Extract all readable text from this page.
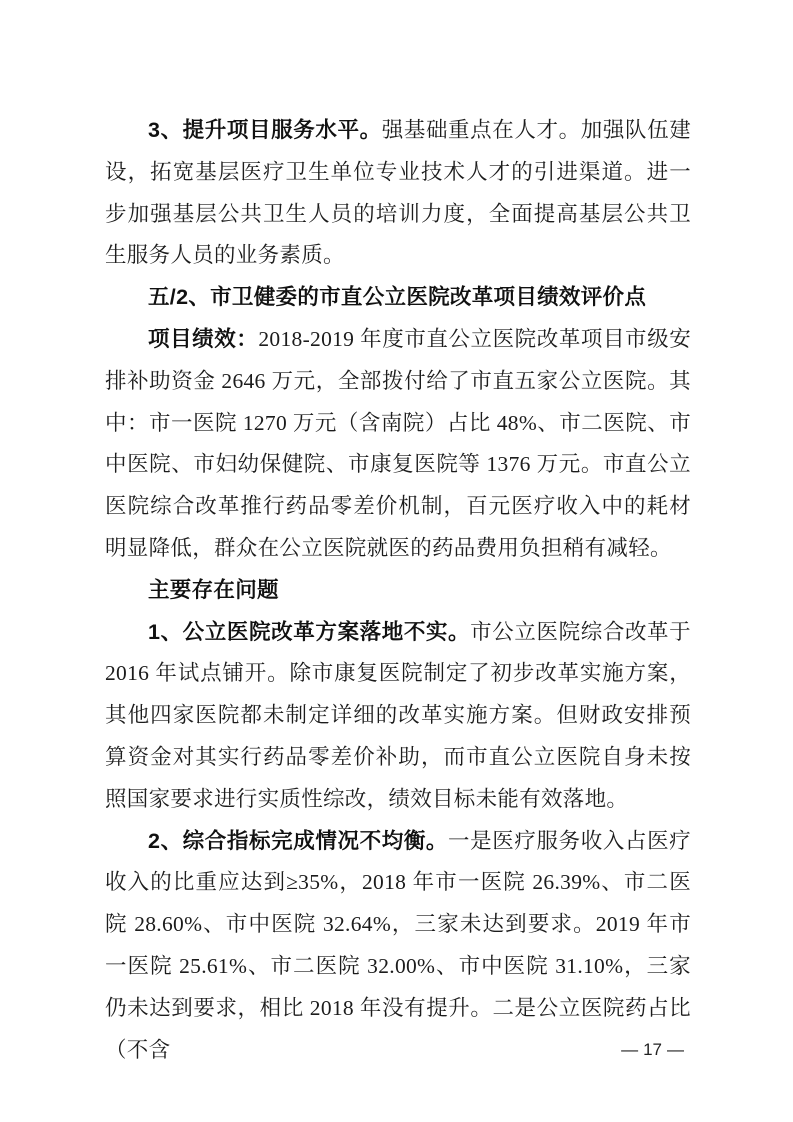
3、提升项目服务水平。强基础重点在人才。加强队伍建设，拓宽基层医疗卫生单位专业技术人才的引进渠道。进一步加强基层公共卫生人员的培训力度，全面提高基层公共卫生服务人员的业务素质。

五/2、市卫健委的市直公立医院改革项目绩效评价点

项目绩效：2018-2019 年度市直公立医院改革项目市级安排补助资金 2646 万元，全部拨付给了市直五家公立医院。其中：市一医院 1270 万元（含南院）占比 48%、市二医院、市中医院、市妇幼保健院、市康复医院等 1376 万元。市直公立医院综合改革推行药品零差价机制，百元医疗收入中的耗材明显降低，群众在公立医院就医的药品费用负担稍有减轻。

主要存在问题

1、公立医院改革方案落地不实。市公立医院综合改革于 2016 年试点铺开。除市康复医院制定了初步改革实施方案，其他四家医院都未制定详细的改革实施方案。但财政安排预算资金对其实行药品零差价补助，而市直公立医院自身未按照国家要求进行实质性综改，绩效目标未能有效落地。

2、综合指标完成情况不均衡。一是医疗服务收入占医疗收入的比重应达到≥35%，2018 年市一医院 26.39%、市二医院 28.60%、市中医院 32.64%，三家未达到要求。2019 年市一医院 25.61%、市二医院 32.00%、市中医院 31.10%，三家仍未达到要求，相比 2018 年没有提升。二是公立医院药占比（不含	— 17 —
